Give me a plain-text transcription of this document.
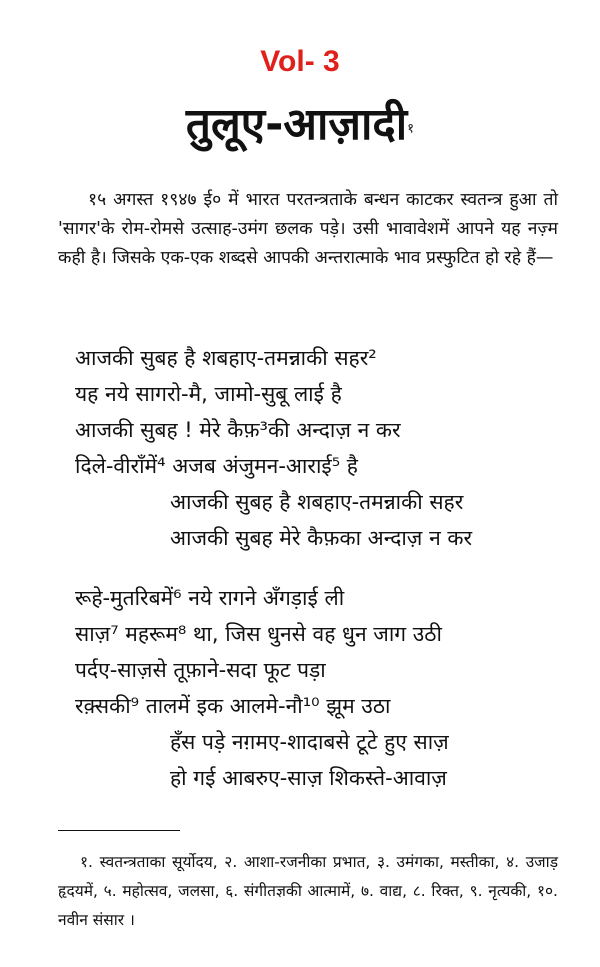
Vol- 3
तुलूए-आज़ादी$^१$

१५ अगस्त १९४७ ई० में भारत परतन्त्रताके बन्धन काटकर स्वतन्त्र हुआ तो 'सागर'के रोम-रोमसे उत्साह-उमंग छलक पड़े। उसी भावावेशमें आपने यह नज़्म कही है। जिसके एक-एक शब्दसे आपकी अन्तरात्माके भाव प्रस्फुटित हो रहे हैं—

आजकी सुबह है शबहाए-तमन्नाकी सहर²
यह नये सागरो-मै, जामो-सुबू लाई है
आजकी सुबह ! मेरे कैफ़³की अन्दाज़ न कर
दिले-वीराँमें⁴ अजब अंजुमन-आराई⁵ है
आजकी सुबह है शबहाए-तमन्नाकी सहर
आजकी सुबह मेरे कैफ़का अन्दाज़ न कर
रूहे-मुतरिबमें⁶ नये रागने अँगड़ाई ली
साज़⁷ महरूम⁸ था, जिस धुनसे वह धुन जाग उठी
पर्दए-साज़से तूफ़ाने-सदा फूट पड़ा
रक़्सकी⁹ तालमें इक आलमे-नौ¹⁰ झूम उठा
हँस पड़े नग़मए-शादाबसे टूटे हुए साज़
हो गई आबरुए-साज़ शिकस्ते-आवाज़

१. स्वतन्त्रताका सूर्योदय, २. आशा-रजनीका प्रभात, ३. उमंगका, मस्तीका, ४. उजाड़ हृदयमें, ५. महोत्सव, जलसा, ६. संगीतज्ञकी आत्मामें, ७. वाद्य, ८. रिक्त, ९. नृत्यकी, १०. नवीन संसार ।
